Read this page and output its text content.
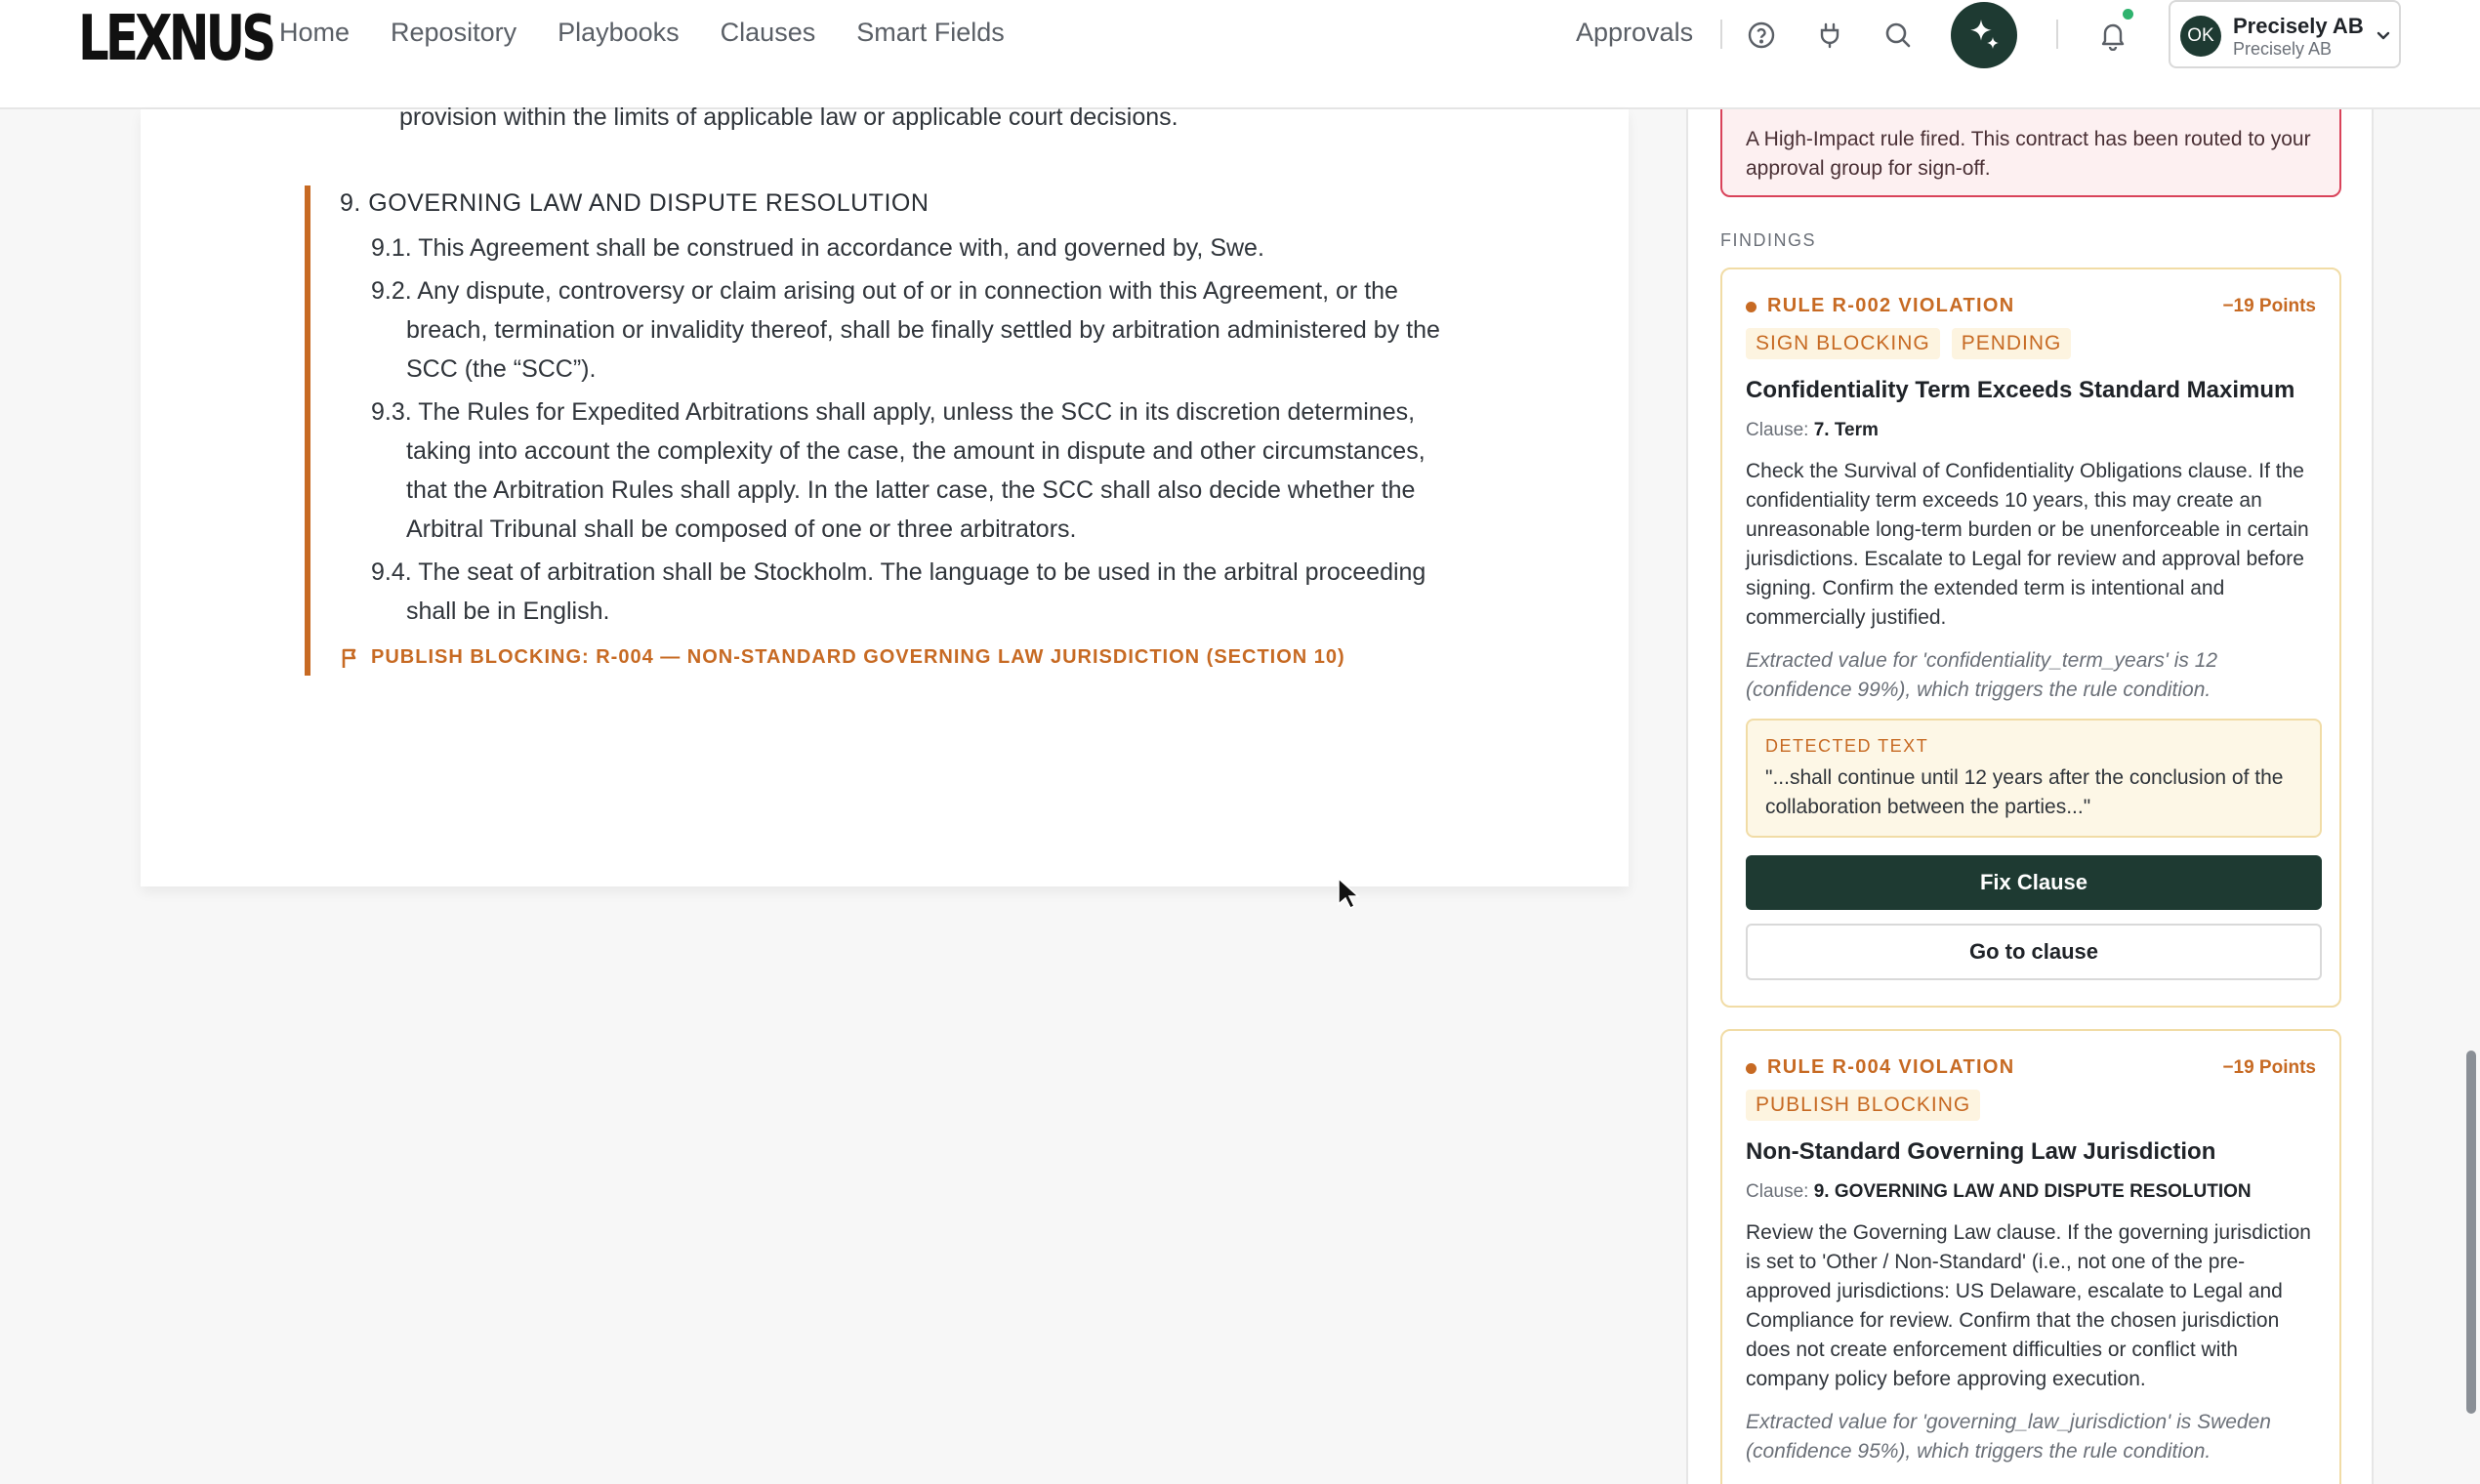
LEXNUS Home Repository Playbooks Clauses Smart Fields	Approvals	OK Precisely AB
Precisely AB
provision within the limits of applicable law or applicable court decisions.
9. GOVERNING LAW AND DISPUTE RESOLUTION
9.1. This Agreement shall be construed in accordance with, and governed by, Swe.
9.2. Any dispute, controversy or claim arising out of or in connection with this Agreement, or the breach, termination or invalidity thereof, shall be finally settled by arbitration administered by the SCC (the “SCC”).
9.3. The Rules for Expedited Arbitrations shall apply, unless the SCC in its discretion determines, taking into account the complexity of the case, the amount in dispute and other circumstances, that the Arbitration Rules shall apply. In the latter case, the SCC shall also decide whether the Arbitral Tribunal shall be composed of one or three arbitrators.
9.4. The seat of arbitration shall be Stockholm. The language to be used in the arbitral proceeding shall be in English.
PUBLISH BLOCKING: R-004 — NON-STANDARD GOVERNING LAW JURISDICTION (SECTION 10)
A High-Impact rule fired. This contract has been routed to your approval group for sign-off.
FINDINGS
RULE R-002 VIOLATION	−19 Points
SIGN BLOCKING	PENDING
Confidentiality Term Exceeds Standard Maximum
Clause: 7. Term
Check the Survival of Confidentiality Obligations clause. If the confidentiality term exceeds 10 years, this may create an unreasonable long-term burden or be unenforceable in certain jurisdictions. Escalate to Legal for review and approval before signing. Confirm the extended term is intentional and commercially justified.
Extracted value for 'confidentiality_term_years' is 12 (confidence 99%), which triggers the rule condition.
DETECTED TEXT
"...shall continue until 12 years after the conclusion of the collaboration between the parties..."
Fix Clause
Go to clause
RULE R-004 VIOLATION	−19 Points
PUBLISH BLOCKING
Non-Standard Governing Law Jurisdiction
Clause: 9. GOVERNING LAW AND DISPUTE RESOLUTION
Review the Governing Law clause. If the governing jurisdiction is set to 'Other / Non-Standard' (i.e., not one of the pre-approved jurisdictions: US Delaware, escalate to Legal and Compliance for review. Confirm that the chosen jurisdiction does not create enforcement difficulties or conflict with company policy before approving execution.
Extracted value for 'governing_law_jurisdiction' is Sweden (confidence 95%), which triggers the rule condition.
